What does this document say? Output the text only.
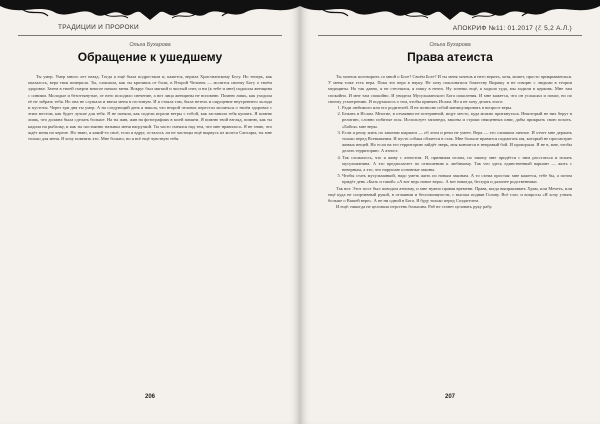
ТРАДИЦИИ И ПРОРОКИ
Ольга Бухарова
Обращение к ушедшему

Ты умер. Умер много лет назад. Тогда я ещё была подростком и, кажется, верила Христианскому Богу. Но теперь, как оказалось, вера твоя померкла. Ты, слышала, как ты кричишь от боли, в Второй Человек — молится своему Богу о твоём здоровье. Затем в твоей смерти многое начало меня. Вокруг был мягкий и чистый снег, и ни (к тебе и мне) подошла женщина с синими. Молодые и безоттянутые, от него исходило свечение, а вот лица женщины не вспомню. Помню лишь, как уходила её не забрать тебя. Но она не слушала и ввела меня в гостиную. И я стояла там, была нетель и ощущение внутреннего холода и пустоты. Через три дня ты умер. А на следующий день я нашла, что второй человек перестал молиться о твоём здоровье с этим местом, как будет лучше для тебя. Я не поняла, как сидели играли ветры с тобой, как заставила тебя кушать. Я помню лишь, что должна была сделать больше. На ты жив, жив на фотографиях в моей памяти. Я помню твой взгляд, помню, как ты кадила на рыбалку, и как ты постоянно называл меня нагрузкой. Ты часто смеялся над тем, что мне нравилось. Я не знаю, что ждёт меня на черепе. Но знаю, я какой-то своё, если я вдруг, осталось ли не частицы ещё вырвусь из колеса Сансары, ты мне только для меня. Я хочу помнить это. Мне больно, но я всё ещё чувствую тебя.

206
АПОКРИФ №11: 01.2017 (ℰ 5,2 А.Л.)
Ольга Бухарова
Права атеиста

Ты хочешь поговорить со мной о Боге? Своём Боге? И ты меня хочешь в него верить, хотя, может, просто прикрываешься. У меня тоже есть вера. Пока это вера в науку. Не хочу поклоняться божеству Вирашу и не говорю с людьми в теории медицины. Но так давно, я не стеснялся, я пишу в нечто. Ну хочешь ещё, я ходила туда, мы ходили в церковь. Мне там спокойно. И мне там спокойно. И увидела Мусульманского Бога поколения. И мне кажется, что он услышал и помог, но по своему усмотрению. И подумалось о том, чтобы принять Ислам. Но я не хочу делать этого:

1. Ради любимого или его родителей. Я не позволю собой манипулировать в вопросе веры.
2. Бежать в Ислам. Многие, в отчаянии не потерянной, ищут место, куда можно приткнуться. Некоторый не них берут в религию, словно побитые псы. Использует заповеди, законы и строки священных книг, дабы прикрыть свою похоть. «Бойся» мне веры.
3. Если я решу жить по законам шариата — об этом и речи не умеет. Вера — это слишком личное. И отчет мне держать только перед Всевышним. И пусть собака облается в стак. Мне больше нравится подмогать им, который не просмотрит живых вещей. Но если на его территорию зайдёт зверь, моя кончится в неправый бой. И проигрыш. Я не в, мне, чтобы делать территорию. А атеист.
4. Так сложилось, что я живу с атеистом. И, принимая ислам, по закону мне придётся с ним расстаться и искать мусульманина. А это предполагает по отношению к любимому. Так что здесь единственный вариант — жить с неверным, а это, что нарушаю основные законы.
5. Чтобы стать мусульманкой, надо уметь жить по новым законам. А то схема простая: мне кажется, тебе бы, а потом придёт день «Быть и такой» «А вот ведь новое вера». А вот никогда, беседуя и дальнее родственники.

Так вот. Этот пост был поводом атеизму, и мне нужно правая времени. Права, когда выпрашивать Храм, или Мечеть, или ещё куда не спортивный рукой, в отчаянии и беспомощности, с высока подняв Голову. Всё глаз. и вопросы «Я хочу узнать больше о Вашей вере». А не ни одной в Бога. Я буду только перед Создателем.

И ещё: никогда не целовала перстень большим. Раб не станет целовать руку рабу.

207
